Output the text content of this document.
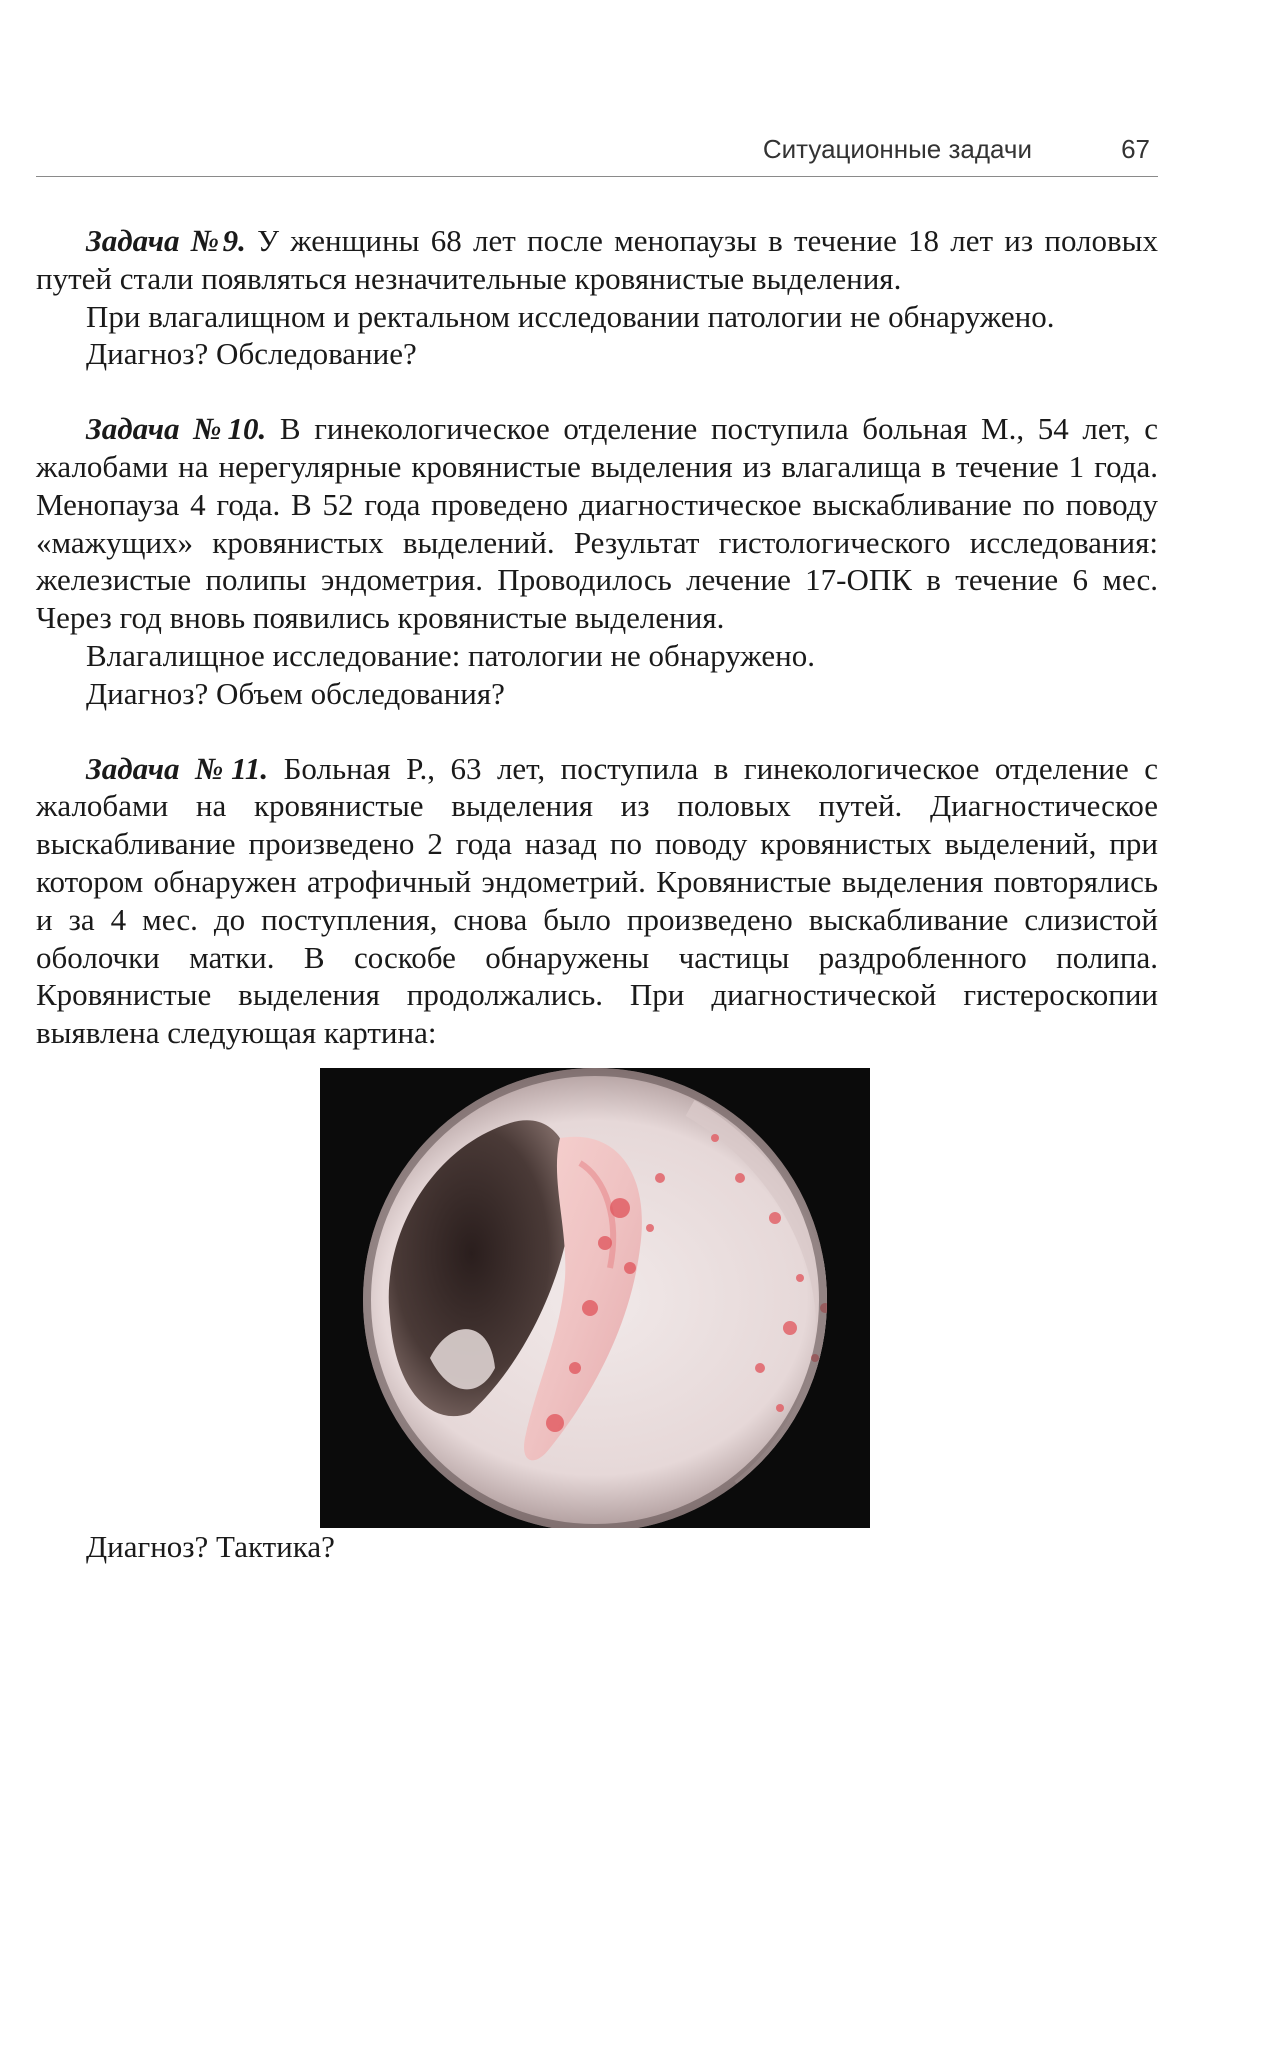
Ситуационные задачи	67

Задача №9. У женщины 68 лет после менопаузы в течение 18 лет из половых путей стали появляться незначительные кровянистые выделения.

При влагалищном и ректальном исследовании патологии не обнаружено.

Диагноз? Обследование?

Задача №10. В гинекологическое отделение поступила больная М., 54 лет, с жалобами на нерегулярные кровянистые выделения из влагалища в течение 1 года. Менопауза 4 года. В 52 года проведено диагностическое выскабливание по поводу «мажущих» кровянистых выделений. Результат гистологического исследования: железистые полипы эндометрия. Проводилось лечение 17-ОПК в течение 6 мес. Через год вновь появились кровянистые выделения.

Влагалищное исследование: патологии не обнаружено.

Диагноз? Объем обследования?

Задача №11. Больная Р., 63 лет, поступила в гинекологическое отделение с жалобами на кровянистые выделения из половых путей. Диагностическое выскабливание произведено 2 года назад по поводу кровянистых выделений, при котором обнаружен атрофичный эндометрий. Кровянистые выделения повторялись и за 4 мес. до поступления, снова было произведено выскабливание слизистой оболочки матки. В соскобе обнаружены частицы раздробленного полипа. Кровянистые выделения продолжались. При диагностической гистероскопии выявлена следующая картина:

Диагноз? Тактика?
